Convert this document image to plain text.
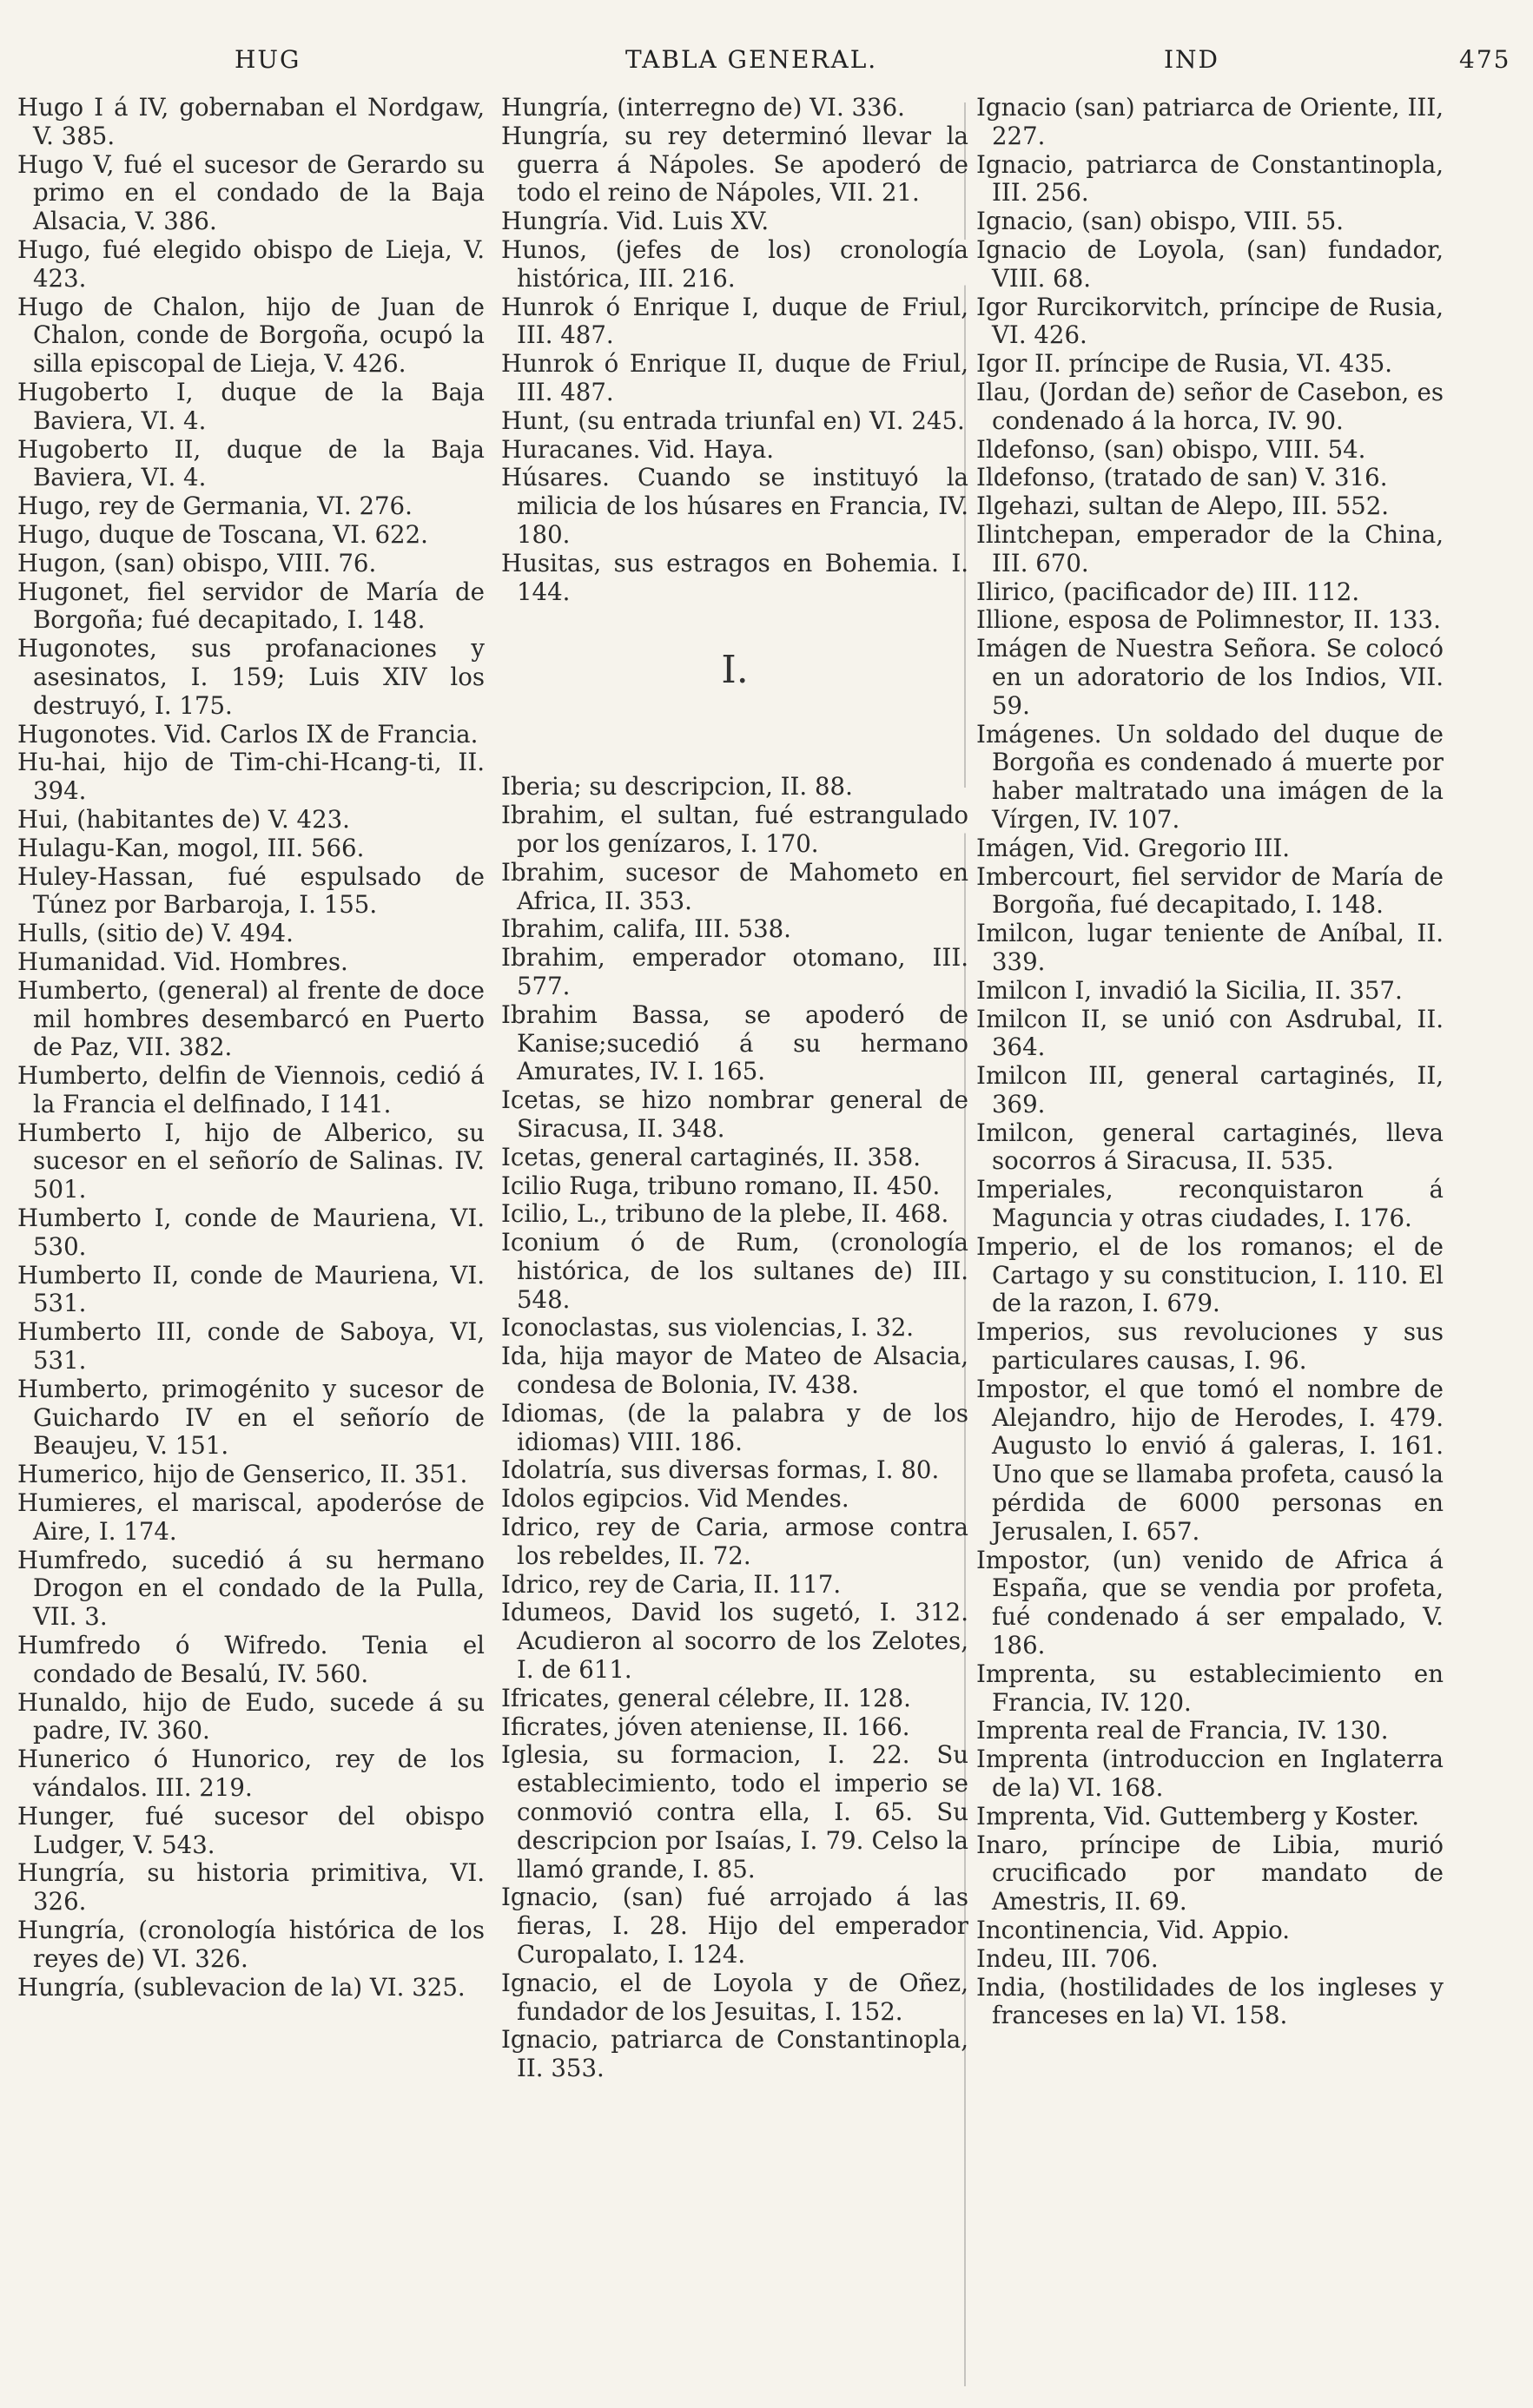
HUG	TABLA GENERAL.	IND	475

Hugo I á IV, gobernaban el Nordgaw, V. 385.

Hugo V, fué el sucesor de Gerardo su primo en el condado de la Baja Alsacia, V. 386.

Hugo, fué elegido obispo de Lieja, V. 423.

Hugo de Chalon, hijo de Juan de Chalon, conde de Borgoña, ocupó la silla episcopal de Lieja, V. 426.

Hugoberto I, duque de la Baja Baviera, VI. 4.

Hugoberto II, duque de la Baja Baviera, VI. 4.

Hugo, rey de Germania, VI. 276.

Hugo, duque de Toscana, VI. 622.

Hugon, (san) obispo, VIII. 76.

Hugonet, fiel servidor de María de Borgoña; fué decapitado, I. 148.

Hugonotes, sus profanaciones y asesinatos, I. 159; Luis XIV los destruyó, I. 175.

Hugonotes. Vid. Carlos IX de Francia.

Hu-hai, hijo de Tim-chi-Hcang-ti, II. 394.

Hui, (habitantes de) V. 423.

Hulagu-Kan, mogol, III. 566.

Huley-Hassan, fué espulsado de Túnez por Barbaroja, I. 155.

Hulls, (sitio de) V. 494.

Humanidad. Vid. Hombres.

Humberto, (general) al frente de doce mil hombres desembarcó en Puerto de Paz, VII. 382.

Humberto, delfin de Viennois, cedió á la Francia el delfinado, I 141.

Humberto I, hijo de Alberico, su sucesor en el señorío de Salinas. IV. 501.

Humberto I, conde de Mauriena, VI. 530.

Humberto II, conde de Mauriena, VI. 531.

Humberto III, conde de Saboya, VI, 531.

Humberto, primogénito y sucesor de Guichardo IV en el señorío de Beaujeu, V. 151.

Humerico, hijo de Genserico, II. 351.

Humieres, el mariscal, apoderóse de Aire, I. 174.

Humfredo, sucedió á su hermano Drogon en el condado de la Pulla, VII. 3.

Humfredo ó Wifredo. Tenia el condado de Besalú, IV. 560.

Hunaldo, hijo de Eudo, sucede á su padre, IV. 360.

Hunerico ó Hunorico, rey de los vándalos. III. 219.

Hunger, fué sucesor del obispo Ludger, V. 543.

Hungría, su historia primitiva, VI. 326.

Hungría, (cronología histórica de los reyes de) VI. 326.

Hungría, (sublevacion de la) VI. 325.

Hungría, (interregno de) VI. 336.

Hungría, su rey determinó llevar la guerra á Nápoles. Se apoderó de todo el reino de Nápoles, VII. 21.

Hungría. Vid. Luis XV.

Hunos, (jefes de los) cronología histórica, III. 216.

Hunrok ó Enrique I, duque de Friul, III. 487.

Hunrok ó Enrique II, duque de Friul, III. 487.

Hunt, (su entrada triunfal en) VI. 245.

Huracanes. Vid. Haya.

Húsares. Cuando se instituyó la milicia de los húsares en Francia, IV. 180.

Husitas, sus estragos en Bohemia. I. 144.

I.

Iberia; su descripcion, II. 88.

Ibrahim, el sultan, fué estrangulado por los genízaros, I. 170.

Ibrahim, sucesor de Mahometo en Africa, II. 353.

Ibrahim, califa, III. 538.

Ibrahim, emperador otomano, III. 577.

Ibrahim Bassa, se apoderó de Kanise;sucedió á su hermano Amurates, IV. I. 165.

Icetas, se hizo nombrar general de Siracusa, II. 348.

Icetas, general cartaginés, II. 358.

Icilio Ruga, tribuno romano, II. 450.

Icilio, L., tribuno de la plebe, II. 468.

Iconium ó de Rum, (cronología histórica, de los sultanes de) III. 548.

Iconoclastas, sus violencias, I. 32.

Ida, hija mayor de Mateo de Alsacia, condesa de Bolonia, IV. 438.

Idiomas, (de la palabra y de los idiomas) VIII. 186.

Idolatría, sus diversas formas, I. 80.

Idolos egipcios. Vid Mendes.

Idrico, rey de Caria, armose contra los rebeldes, II. 72.

Idrico, rey de Caria, II. 117.

Idumeos, David los sugetó, I. 312. Acudieron al socorro de los Zelotes, I. de 611.

Ifricates, general célebre, II. 128.

Ificrates, jóven ateniense, II. 166.

Iglesia, su formacion, I. 22. Su establecimiento, todo el imperio se conmovió contra ella, I. 65. Su descripcion por Isaías, I. 79. Celso la llamó grande, I. 85.

Ignacio, (san) fué arrojado á las fieras, I. 28. Hijo del emperador Curopalato, I. 124.

Ignacio, el de Loyola y de Oñez, fundador de los Jesuitas, I. 152.

Ignacio, patriarca de Constantinopla, II. 353.

Ignacio (san) patriarca de Oriente, III, 227.

Ignacio, patriarca de Constantinopla, III. 256.

Ignacio, (san) obispo, VIII. 55.

Ignacio de Loyola, (san) fundador, VIII. 68.

Igor Rurcikorvitch, príncipe de Rusia, VI. 426.

Igor II. príncipe de Rusia, VI. 435.

Ilau, (Jordan de) señor de Casebon, es condenado á la horca, IV. 90.

Ildefonso, (san) obispo, VIII. 54.

Ildefonso, (tratado de san) V. 316.

Ilgehazi, sultan de Alepo, III. 552.

Ilintchepan, emperador de la China, III. 670.

Ilirico, (pacificador de) III. 112.

Illione, esposa de Polimnestor, II. 133.

Imágen de Nuestra Señora. Se colocó en un adoratorio de los Indios, VII. 59.

Imágenes. Un soldado del duque de Borgoña es condenado á muerte por haber maltratado una imágen de la Vírgen, IV. 107.

Imágen, Vid. Gregorio III.

Imbercourt, fiel servidor de María de Borgoña, fué decapitado, I. 148.

Imilcon, lugar teniente de Aníbal, II. 339.

Imilcon I, invadió la Sicilia, II. 357.

Imilcon II, se unió con Asdrubal, II. 364.

Imilcon III, general cartaginés, II, 369.

Imilcon, general cartaginés, lleva socorros á Siracusa, II. 535.

Imperiales, reconquistaron á Maguncia y otras ciudades, I. 176.

Imperio, el de los romanos; el de Cartago y su constitucion, I. 110. El de la razon, I. 679.

Imperios, sus revoluciones y sus particulares causas, I. 96.

Impostor, el que tomó el nombre de Alejandro, hijo de Herodes, I. 479. Augusto lo envió á galeras, I. 161. Uno que se llamaba profeta, causó la pérdida de 6000 personas en Jerusalen, I. 657.

Impostor, (un) venido de Africa á España, que se vendia por profeta, fué condenado á ser empalado, V. 186.

Imprenta, su establecimiento en Francia, IV. 120.

Imprenta real de Francia, IV. 130.

Imprenta (introduccion en Inglaterra de la) VI. 168.

Imprenta, Vid. Guttemberg y Koster.

Inaro, príncipe de Libia, murió crucificado por mandato de Amestris, II. 69.

Incontinencia, Vid. Appio.

Indeu, III. 706.

India, (hostilidades de los ingleses y franceses en la) VI. 158.
